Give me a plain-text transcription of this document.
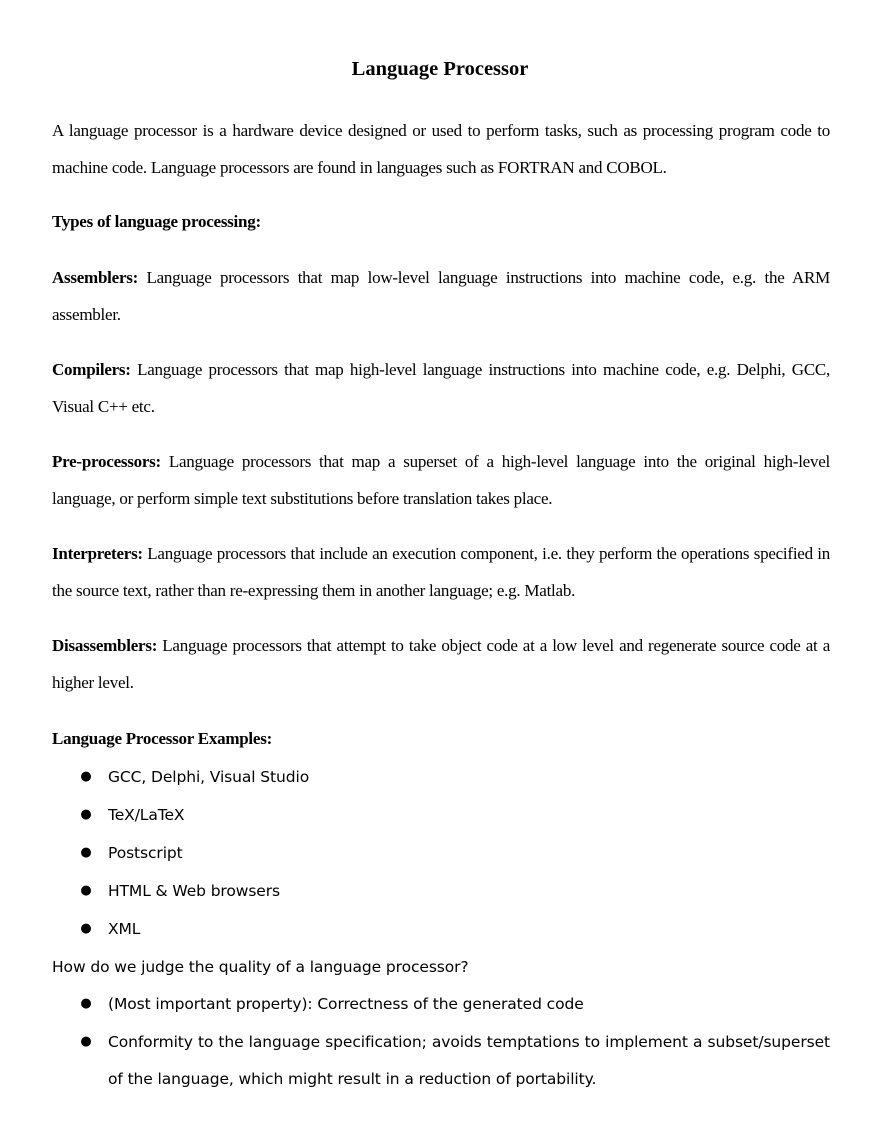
Language Processor

A language processor is a hardware device designed or used to perform tasks, such as processing program code to machine code. Language processors are found in languages such as FORTRAN and COBOL.

Types of language processing:

Assemblers: Language processors that map low-level language instructions into machine code, e.g. the ARM assembler.

Compilers: Language processors that map high-level language instructions into machine code, e.g. Delphi, GCC, Visual C++ etc.

Pre-processors: Language processors that map a superset of a high-level language into the original high-level language, or perform simple text substitutions before translation takes place.

Interpreters: Language processors that include an execution component, i.e. they perform the operations specified in the source text, rather than re-expressing them in another language; e.g. Matlab.

Disassemblers: Language processors that attempt to take object code at a low level and regenerate source code at a higher level.

Language Processor Examples:

● GCC, Delphi, Visual Studio
● TeX/LaTeX
● Postscript
● HTML & Web browsers
● XML

How do we judge the quality of a language processor?

● (Most important property): Correctness of the generated code
● Conformity to the language specification; avoids temptations to implement a subset/superset of the language, which might result in a reduction of portability.
